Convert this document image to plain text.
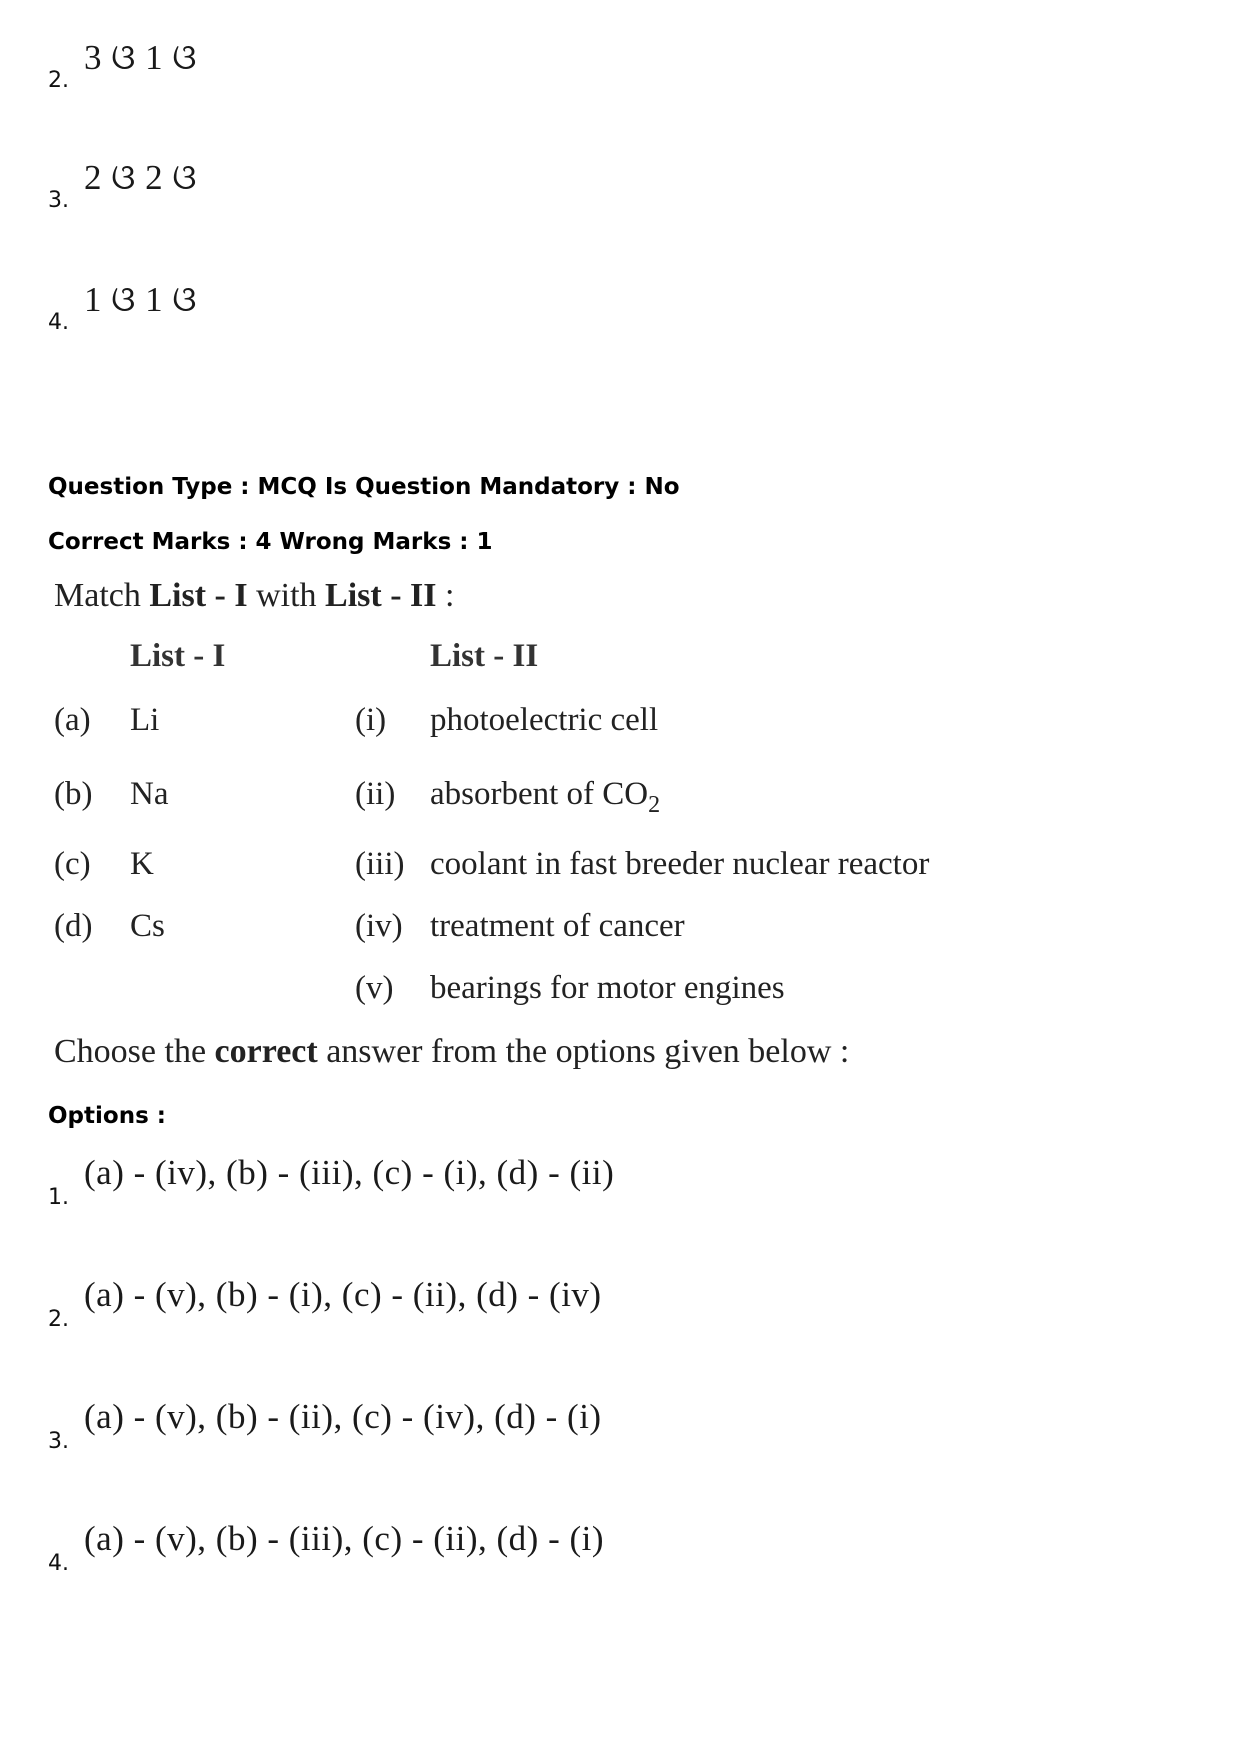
2.
3 ଓ 1 ଓ
3.
2 ଓ 2 ଓ
4.
1 ଓ 1 ଓ
Question Type : MCQ Is Question Mandatory : No
Correct Marks : 4 Wrong Marks : 1
Match List - I with List - II :
List - I	List - II
(a) Li	(i) photoelectric cell
(b) Na	(ii) absorbent of $CO_2$
(c) K	(iii) coolant in fast breeder nuclear reactor
(d) Cs	(iv) treatment of cancer
(v) bearings for motor engines
Choose the correct answer from the options given below :
Options :
1.
(a) - (iv), (b) - (iii), (c) - (i), (d) - (ii)
2.
(a) - (v), (b) - (i), (c) - (ii), (d) - (iv)
3.
(a) - (v), (b) - (ii), (c) - (iv), (d) - (i)
4.
(a) - (v), (b) - (iii), (c) - (ii), (d) - (i)
